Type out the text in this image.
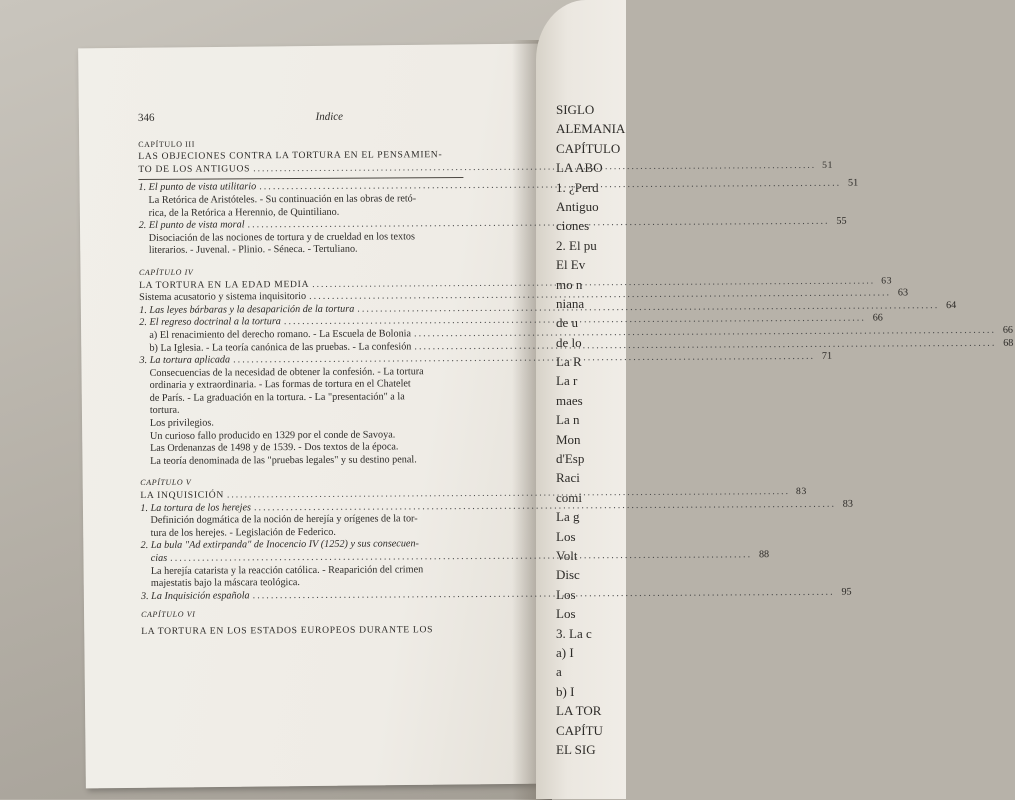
SIGLO
ALEMANIA
CAPÍTULO
LA ABO
1. ¿Perd
Antiguo
ciones
2. El pu
El Ev
mo n
niana
de u
de lo
La R
La r
maes
La n
Mon
d'Esp
Raci
comi
La g
Los
Volt
Disc
Los
Los
3. La c
a) I
a
b) I
LA TOR
CAPÍTU
EL SIG
346	Indice
CAPÍTULO III
LAS OBJECIONES CONTRA LA TORTURA EN EL PENSAMIEN-
TO DE LOS ANTIGUOS .....	51
1. El punto de vista utilitario .....	51
La Retórica de Aristóteles. - Su continuación en las obras de retó-
rica, de la Retórica a Herennio, de Quintiliano.
2. El punto de vista moral .....	55
Disociación de las nociones de tortura y de crueldad en los textos
literarios. - Juvenal. - Plinio. - Séneca. - Tertuliano.
CAPÍTULO IV
LA TORTURA EN LA EDAD MEDIA .....	63
Sistema acusatorio y sistema inquisitorio .....	63
1. Las leyes bárbaras y la desaparición de la tortura .....	64
2. El regreso doctrinal a la tortura .....	66
a) El renacimiento del derecho romano. - La Escuela de Bolonia .....	66
b) La Iglesia. - La teoría canónica de las pruebas. - La confesión .....	68
3. La tortura aplicada .....	71
Consecuencias de la necesidad de obtener la confesión. - La tortura
ordinaria y extraordinaria. - Las formas de tortura en el Chatelet
de París. - La graduación en la tortura. - La "presentación" a la
tortura.
Los privilegios.
Un curioso fallo producido en 1329 por el conde de Savoya.
Las Ordenanzas de 1498 y de 1539. - Dos textos de la época.
La teoría denominada de las "pruebas legales" y su destino penal.
CAPÍTULO V
LA INQUISICIÓN .....	83
1. La tortura de los herejes .....	83
Definición dogmática de la noción de herejía y orígenes de la tor-
tura de los herejes. - Legislación de Federico.
2. La bula "Ad extirpanda" de Inocencio IV (1252) y sus consecuen-
cias .....	88
La herejía catarista y la reacción católica. - Reaparición del crimen
majestatis bajo la máscara teológica.
3. La Inquisición española .....	95
CAPÍTULO VI
LA TORTURA EN LOS ESTADOS EUROPEOS DURANTE LOS
